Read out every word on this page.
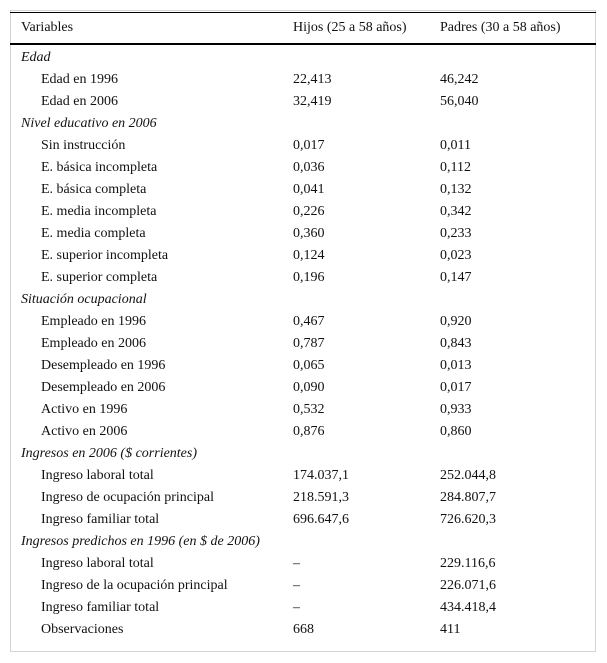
Variables	Hijos (25 a 58 años)	Padres (30 a 58 años)
Edad		
Edad en 1996	22,413	46,242
Edad en 2006	32,419	56,040
Nivel educativo en 2006		
Sin instrucción	0,017	0,011
E. básica incompleta	0,036	0,112
E. básica completa	0,041	0,132
E. media incompleta	0,226	0,342
E. media completa	0,360	0,233
E. superior incompleta	0,124	0,023
E. superior completa	0,196	0,147
Situación ocupacional		
Empleado en 1996	0,467	0,920
Empleado en 2006	0,787	0,843
Desempleado en 1996	0,065	0,013
Desempleado en 2006	0,090	0,017
Activo en 1996	0,532	0,933
Activo en 2006	0,876	0,860
Ingresos en 2006 ($ corrientes)		
Ingreso laboral total	174.037,1	252.044,8
Ingreso de ocupación principal	218.591,3	284.807,7
Ingreso familiar total	696.647,6	726.620,3
Ingresos predichos en 1996 (en $ de 2006)		
Ingreso laboral total	–	229.116,6
Ingreso de la ocupación principal	–	226.071,6
Ingreso familiar total	–	434.418,4
Observaciones	668	411
